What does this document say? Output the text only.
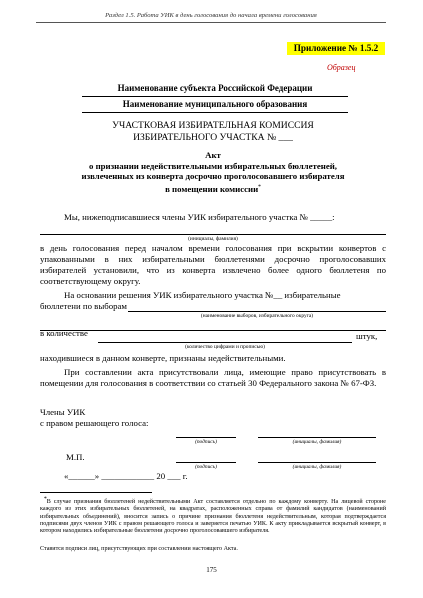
Раздел 1.5. Работа УИК в день голосования до начала времени голосования
Приложение № 1.5.2
Образец
Наименование субъекта Российской Федерации
Наименование муниципального образования
УЧАСТКОВАЯ ИЗБИРАТЕЛЬНАЯ КОМИССИЯ
ИЗБИРАТЕЛЬНОГО УЧАСТКА № ___
Акт
о признании недействительными избирательных бюллетеней,
извлеченных из конверта досрочно проголосовавшего избирателя
в помещении комиссии*
Мы, нижеподписавшиеся члены УИК избирательного участка № _____:
(инициалы, фамилия)
в день голосования перед началом времени голосования при вскрытии конвертов с упакованными в них избирательными бюллетенями досрочно проголосовавших избирателей установили, что из конверта извлечено более одного бюллетеня по соответствующему округу.
На основании решения УИК избирательного участка №__ избирательные
бюллетени по выборам
(наименование выборов, избирательного округа)
в количестве	штук,
(количество цифрами и прописью)
находившиеся в данном конверте, признаны недействительными.
При составлении акта присутствовали лица, имеющие право присутствовать в помещении для голосования в соответствии со статьей 30 Федерального закона № 67-ФЗ.
Члены УИК
с правом решающего голоса:
(подпись)	(инициалы, фамилия)
М.П.
(подпись)	(инициалы, фамилия)
«______» ____________ 20 ___ г.
*В случае признания бюллетеней недействительными Акт составляется отдельно по каждому конверту. На лицевой стороне каждого из этих избирательных бюллетеней, на квадратах, расположенных справа от фамилий кандидатов (наименований избирательных объединений), вносится запись о причине признания бюллетеня недействительным, которая подтверждается подписями двух членов УИК с правом решающего голоса и заверяется печатью УИК. К акту прикладывается вскрытый конверт, в котором находились избирательные бюллетени досрочно проголосовавшего избирателя.
Ставится подписи лиц, присутствующих при составлении настоящего Акта.
175
